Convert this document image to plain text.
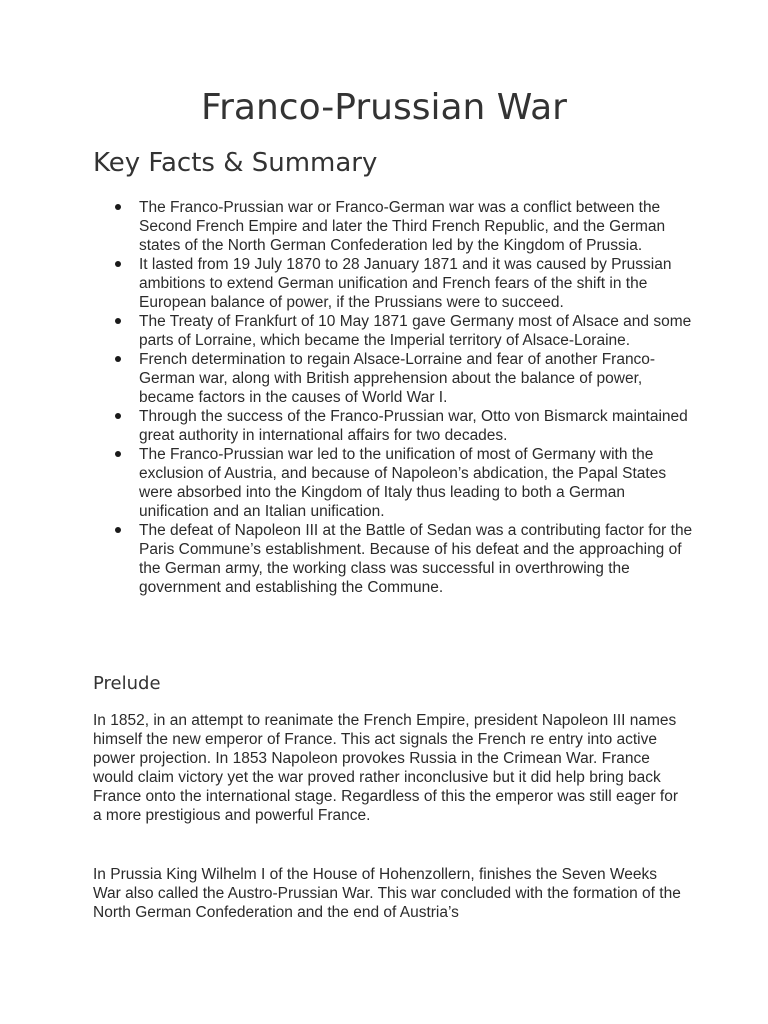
Franco-Prussian War
Key Facts & Summary
The Franco-Prussian war or Franco-German war was a conflict between the Second French Empire and later the Third French Republic, and the German states of the North German Confederation led by the Kingdom of Prussia.
It lasted from 19 July 1870 to 28 January 1871 and it was caused by Prussian ambitions to extend German unification and French fears of the shift in the European balance of power, if the Prussians were to succeed.
The Treaty of Frankfurt of 10 May 1871 gave Germany most of Alsace and some parts of Lorraine, which became the Imperial territory of Alsace-Loraine.
French determination to regain Alsace-Lorraine and fear of another Franco-German war, along with British apprehension about the balance of power, became factors in the causes of World War I.
Through the success of the Franco-Prussian war, Otto von Bismarck maintained great authority in international affairs for two decades.
The Franco-Prussian war led to the unification of most of Germany with the exclusion of Austria, and because of Napoleon’s abdication, the Papal States were absorbed into the Kingdom of Italy thus leading to both a German unification and an Italian unification.
The defeat of Napoleon III at the Battle of Sedan was a contributing factor for the Paris Commune’s establishment. Because of his defeat and the approaching of the German army, the working class was successful in overthrowing the government and establishing the Commune.
Prelude

In 1852, in an attempt to reanimate the French Empire, president Napoleon III names himself the new emperor of France. This act signals the French re entry into active power projection. In 1853 Napoleon provokes Russia in the Crimean War. France would claim victory yet the war proved rather inconclusive but it did help bring back France onto the international stage. Regardless of this the emperor was still eager for a more prestigious and powerful France.

In Prussia King Wilhelm I of the House of Hohenzollern, finishes the Seven Weeks War also called the Austro-Prussian War. This war concluded with the formation of the North German Confederation and the end of Austria’s
